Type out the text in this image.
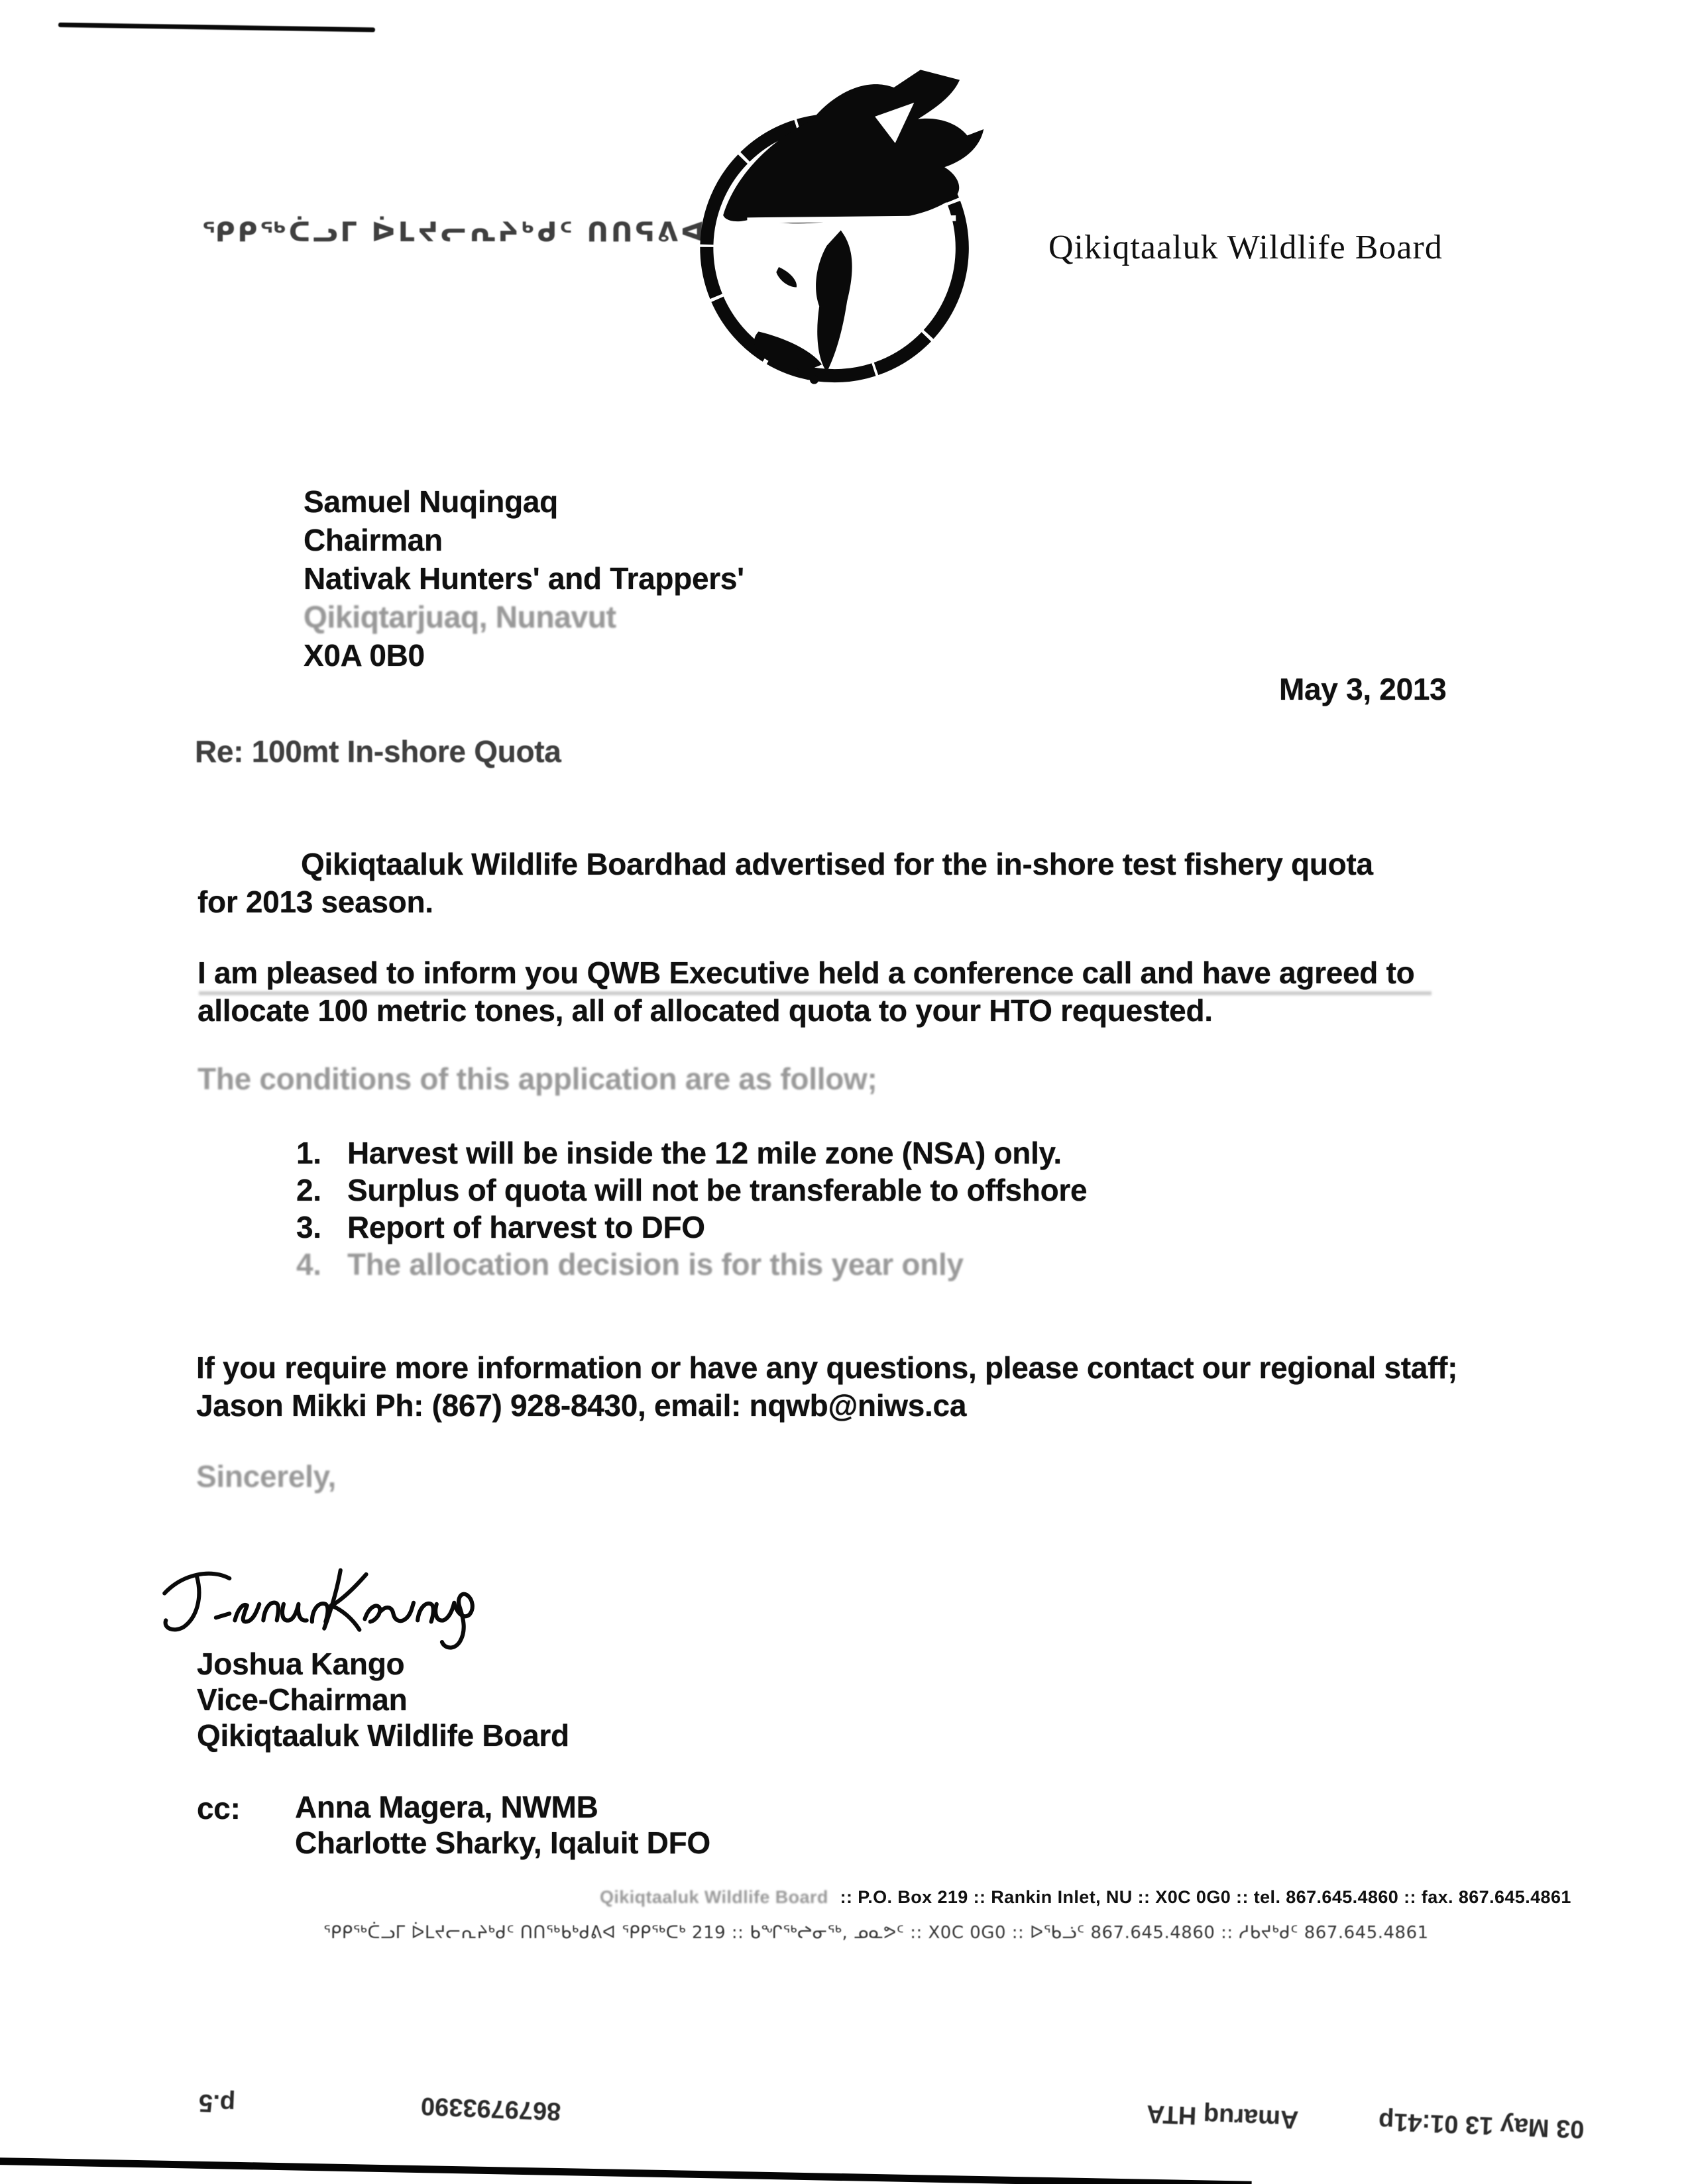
ᕿᑭᖅᑖᓗᒥ ᐆᒪᔪᓕᕆᔨᒃᑯᑦ ᑎᑎᕋᕕᐊ	Qikiqtaaluk Wildlife Board
Samuel Nuqingaq
Chairman
Nativak Hunters' and Trappers'
Qikiqtarjuaq, Nunavut
X0A 0B0
May 3, 2013
Re: 100mt In-shore Quota
Qikiqtaaluk Wildlife Boardhad advertised for the in-shore test fishery quota for 2013 season.
I am pleased to inform you QWB Executive held a conference call and have agreed to allocate 100 metric tones, all of allocated quota to your HTO requested.
The conditions of this application are as follow;
1. Harvest will be inside the 12 mile zone (NSA) only.
2. Surplus of quota will not be transferable to offshore
3. Report of harvest to DFO
4. The allocation decision is for this year only
If you require more information or have any questions, please contact our regional staff; Jason Mikki Ph: (867) 928-8430, email: nqwb@niws.ca
Sincerely,
Joshua Kango
Vice-Chairman
Qikiqtaaluk Wildlife Board
cc: Anna Magera, NWMB
Charlotte Sharky, Iqaluit DFO
Qikiqtaaluk Wildlife Board :: P.O. Box 219 :: Rankin Inlet, NU :: X0C 0G0 :: tel. 867.645.4860 :: fax. 867.645.4861
ᕿᑭᖅᑖᓗᒥ ᐆᒪᔪᓕᕆᔨᒃᑯᑦ ᑎᑎᖅᑲᒃᑯᕕᐊ ᕿᑭᖅᑕᒃ 219 :: ᑲᖏᖅᖠᓂᖅ, ᓄᓇᕗᑦ :: X0C 0G0 :: ᐅᖃᓘᑦ 867.645.4860 :: ᓱᑲᔪᒃᑯᑦ 867.645.4861
p.5	8679793390	Amaruq HTA	03 May 13 01:41p
